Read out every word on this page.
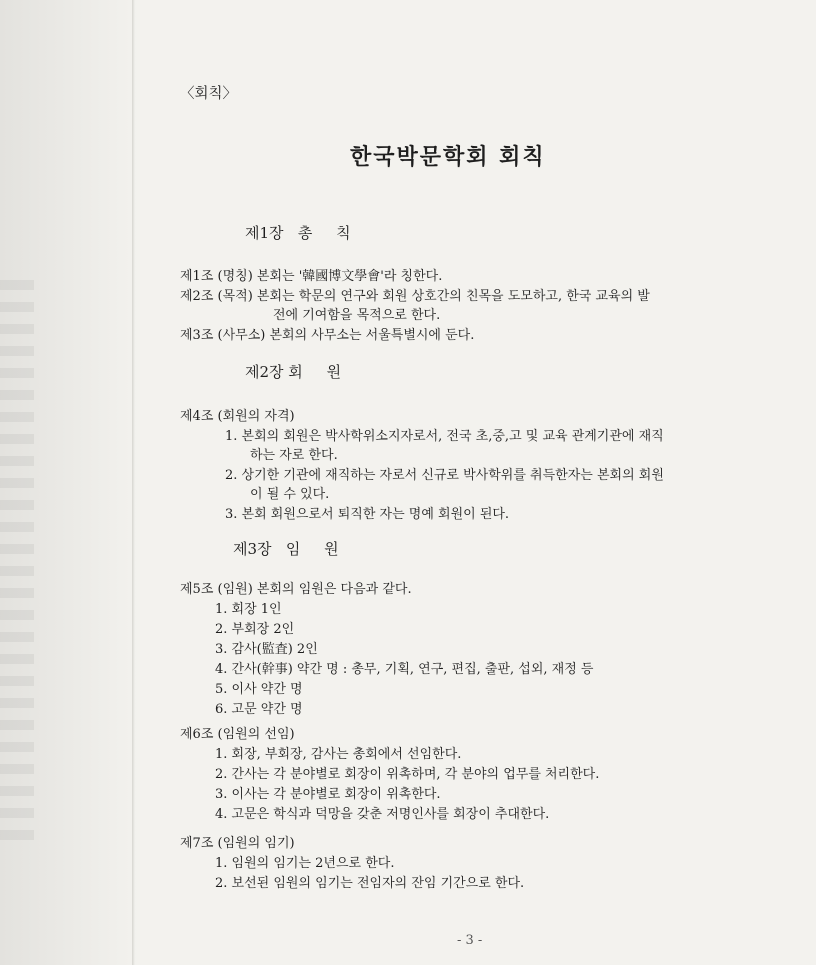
〈회칙〉
한국박문학회 회칙
제1장   총     칙
제1조 (명칭) 본회는 '韓國博文學會'라 칭한다.
제2조 (목적) 본회는 학문의 연구와 회원 상호간의 친목을 도모하고, 한국 교육의 발
전에 기여함을 목적으로 한다.
제3조 (사무소) 본회의 사무소는 서울특별시에 둔다.
제2장 회     원
제4조 (회원의 자격)
1. 본회의 회원은 박사학위소지자로서, 전국 초,중,고 및 교육 관계기관에 재직
하는 자로 한다.
2. 상기한 기관에 재직하는 자로서 신규로 박사학위를 취득한자는 본회의 회원
이 될 수 있다.
3. 본회 회원으로서 퇴직한 자는 명예 회원이 된다.
제3장   임     원
제5조 (임원) 본회의 임원은 다음과 같다.
1. 회장 1인
2. 부회장 2인
3. 감사(監査) 2인
4. 간사(幹事) 약간 명 : 총무, 기획, 연구, 편집, 출판, 섭외, 재정 등
5. 이사 약간 명
6. 고문 약간 명
제6조 (임원의 선임)
1. 회장, 부회장, 감사는 총회에서 선임한다.
2. 간사는 각 분야별로 회장이 위촉하며, 각 분야의 업무를 처리한다.
3. 이사는 각 분야별로 회장이 위촉한다.
4. 고문은 학식과 덕망을 갖춘 저명인사를 회장이 추대한다.
제7조 (임원의 임기)
1. 임원의 임기는 2년으로 한다.
2. 보선된 임원의 임기는 전임자의 잔임 기간으로 한다.
- 3 -
